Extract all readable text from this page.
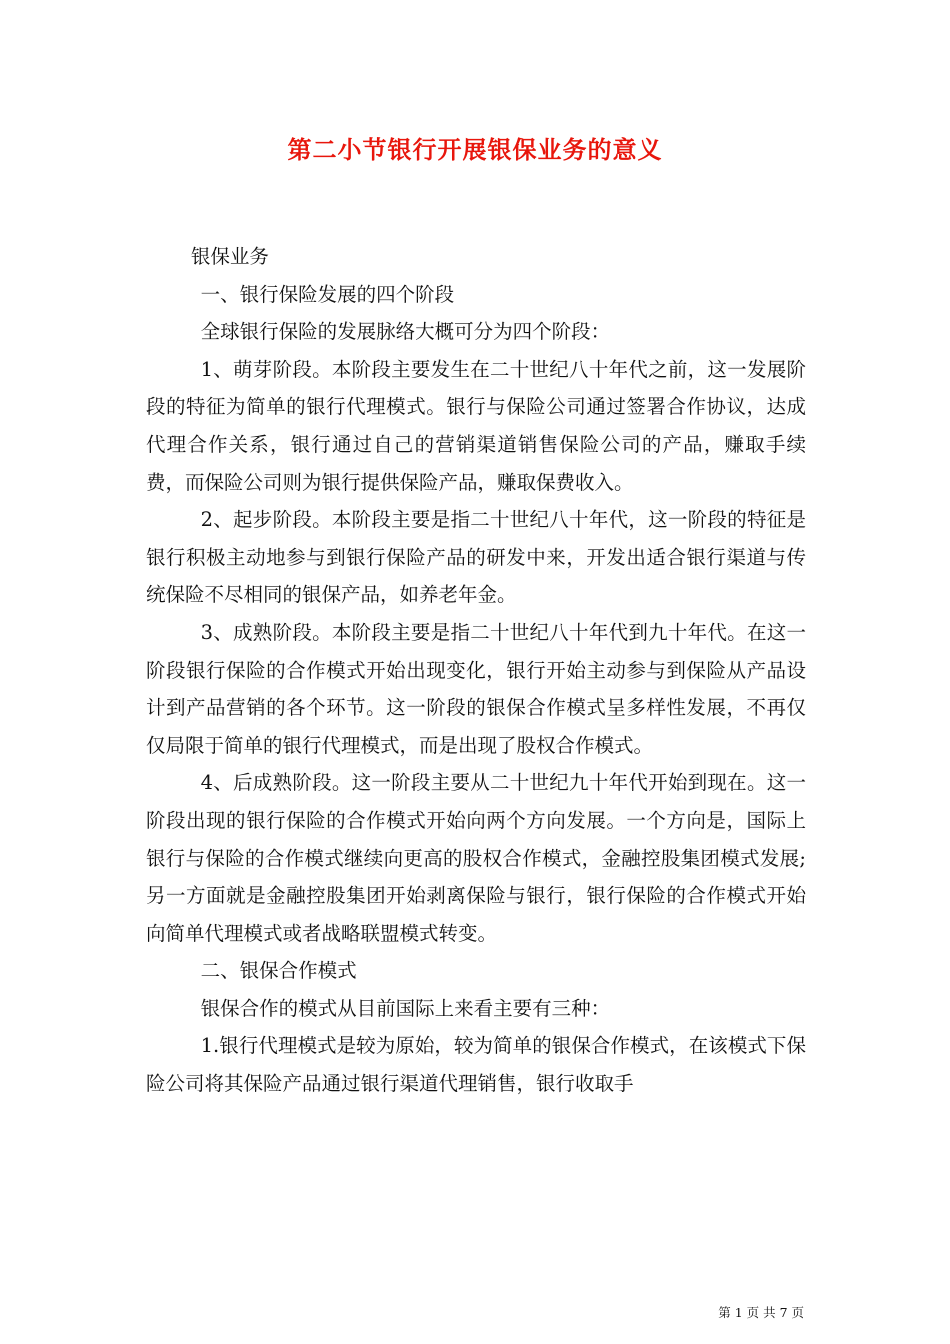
第二小节银行开展银保业务的意义

银保业务

一、银行保险发展的四个阶段

全球银行保险的发展脉络大概可分为四个阶段：

1、萌芽阶段。本阶段主要发生在二十世纪八十年代之前，这一发展阶段的特征为简单的银行代理模式。银行与保险公司通过签署合作协议，达成代理合作关系，银行通过自己的营销渠道销售保险公司的产品，赚取手续费，而保险公司则为银行提供保险产品，赚取保费收入。

2、起步阶段。本阶段主要是指二十世纪八十年代，这一阶段的特征是银行积极主动地参与到银行保险产品的研发中来，开发出适合银行渠道与传统保险不尽相同的银保产品，如养老年金。

3、成熟阶段。本阶段主要是指二十世纪八十年代到九十年代。在这一阶段银行保险的合作模式开始出现变化，银行开始主动参与到保险从产品设计到产品营销的各个环节。这一阶段的银保合作模式呈多样性发展，不再仅仅局限于简单的银行代理模式，而是出现了股权合作模式。

4、后成熟阶段。这一阶段主要从二十世纪九十年代开始到现在。这一阶段出现的银行保险的合作模式开始向两个方向发展。一个方向是，国际上银行与保险的合作模式继续向更高的股权合作模式，金融控股集团模式发展;另一方面就是金融控股集团开始剥离保险与银行，银行保险的合作模式开始向简单代理模式或者战略联盟模式转变。

二、银保合作模式

银保合作的模式从目前国际上来看主要有三种：

1.银行代理模式是较为原始，较为简单的银保合作模式，在该模式下保险公司将其保险产品通过银行渠道代理销售，银行收取手

第 1 页 共 7 页
